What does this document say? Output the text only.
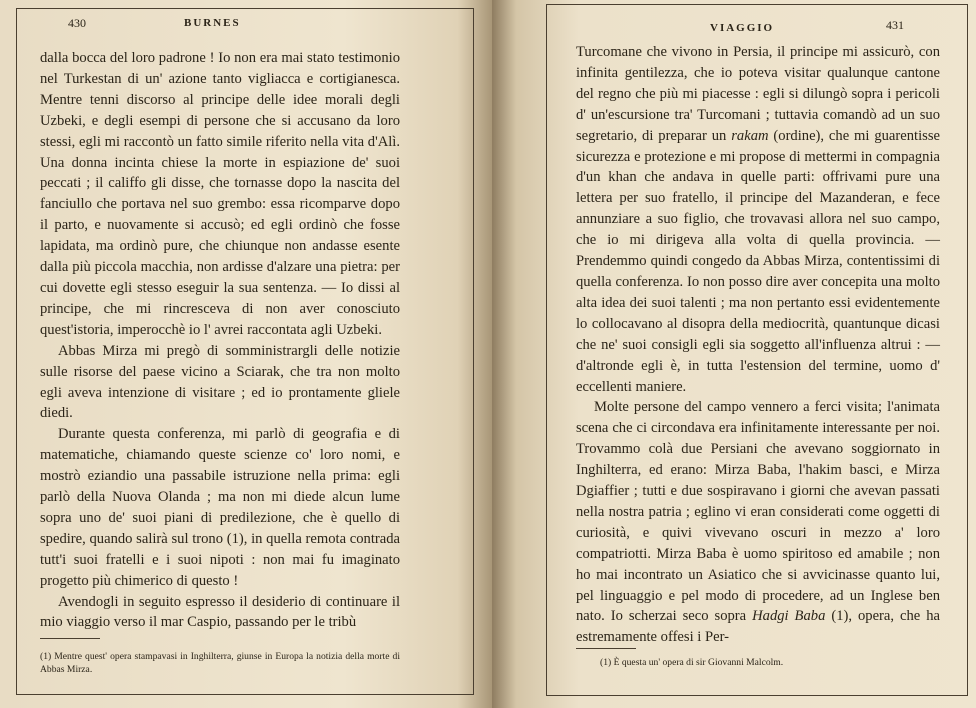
430	BURNES

dalla bocca del loro padrone ! Io non era mai stato testimonio nel Turkestan di un' azione tanto vigliacca e cortigianesca. Mentre tenni discorso al principe delle idee morali degli Uzbeki, e degli esempi di persone che si accusano da loro stessi, egli mi raccontò un fatto simile riferito nella vita d'Alì. Una donna incinta chiese la morte in espiazione de' suoi peccati ; il califfo gli disse, che tornasse dopo la nascita del fanciullo che portava nel suo grembo: essa ricomparve dopo il parto, e nuovamente si accusò; ed egli ordinò che fosse lapidata, ma ordinò pure, che chiunque non andasse esente dalla più piccola macchia, non ardisse d'alzare una pietra: per cui dovette egli stesso eseguir la sua sentenza. — Io dissi al principe, che mi rincresceva di non aver conosciuto quest'istoria, imperocchè io l' avrei raccontata agli Uzbeki.

Abbas Mirza mi pregò di somministrargli delle notizie sulle risorse del paese vicino a Sciarak, che tra non molto egli aveva intenzione di visitare ; ed io prontamente gliele diedi.

Durante questa conferenza, mi parlò di geografia e di matematiche, chiamando queste scienze co' loro nomi, e mostrò eziandio una passabile istruzione nella prima: egli parlò della Nuova Olanda ; ma non mi diede alcun lume sopra uno de' suoi piani di predilezione, che è quello di spedire, quando salirà sul trono (1), in quella remota contrada tutt'i suoi fratelli e i suoi nipoti : non mai fu imaginato progetto più chimerico di questo !

Avendogli in seguito espresso il desiderio di continuare il mio viaggio verso il mar Caspio, passando per le tribù

(1) Mentre quest' opera stampavasi in Inghilterra, giunse in Europa la notizia della morte di Abbas Mirza.

VIAGGIO	431

Turcomane che vivono in Persia, il principe mi assicurò, con infinita gentilezza, che io poteva visitar qualunque cantone del regno che più mi piacesse : egli si dilungò sopra i pericoli d' un'escursione tra' Turcomani ; tuttavia comandò ad un suo segretario, di preparar un rakam (ordine), che mi guarentisse sicurezza e protezione e mi propose di mettermi in compagnia d'un khan che andava in quelle parti: offrivami pure una lettera per suo fratello, il principe del Mazanderan, e fece annunziare a suo figlio, che trovavasi allora nel suo campo, che io mi dirigeva alla volta di quella provincia. — Prendemmo quindi congedo da Abbas Mirza, contentissimi di quella conferenza. Io non posso dire aver concepita una molto alta idea dei suoi talenti ; ma non pertanto essi evidentemente lo collocavano al disopra della mediocrità, quantunque dicasi che ne' suoi consigli egli sia soggetto all'influenza altrui : — d'altronde egli è, in tutta l'estension del termine, uomo d' eccellenti maniere.

Molte persone del campo vennero a ferci visita; l'animata scena che ci circondava era infinitamente interessante per noi. Trovammo colà due Persiani che avevano soggiornato in Inghilterra, ed erano: Mirza Baba, l'hakim basci, e Mirza Dgiaffier ; tutti e due sospiravano i giorni che avevan passati nella nostra patria ; eglino vi eran considerati come oggetti di curiosità, e quivi vivevano oscuri in mezzo a' loro compatriotti. Mirza Baba è uomo spiritoso ed amabile ; non ho mai incontrato un Asiatico che si avvicinasse quanto lui, pel linguaggio e pel modo di procedere, ad un Inglese ben nato. Io scherzai seco sopra Hadgi Baba (1), opera, che ha estremamente offesi i Per-

(1) È questa un' opera di sir Giovanni Malcolm.
